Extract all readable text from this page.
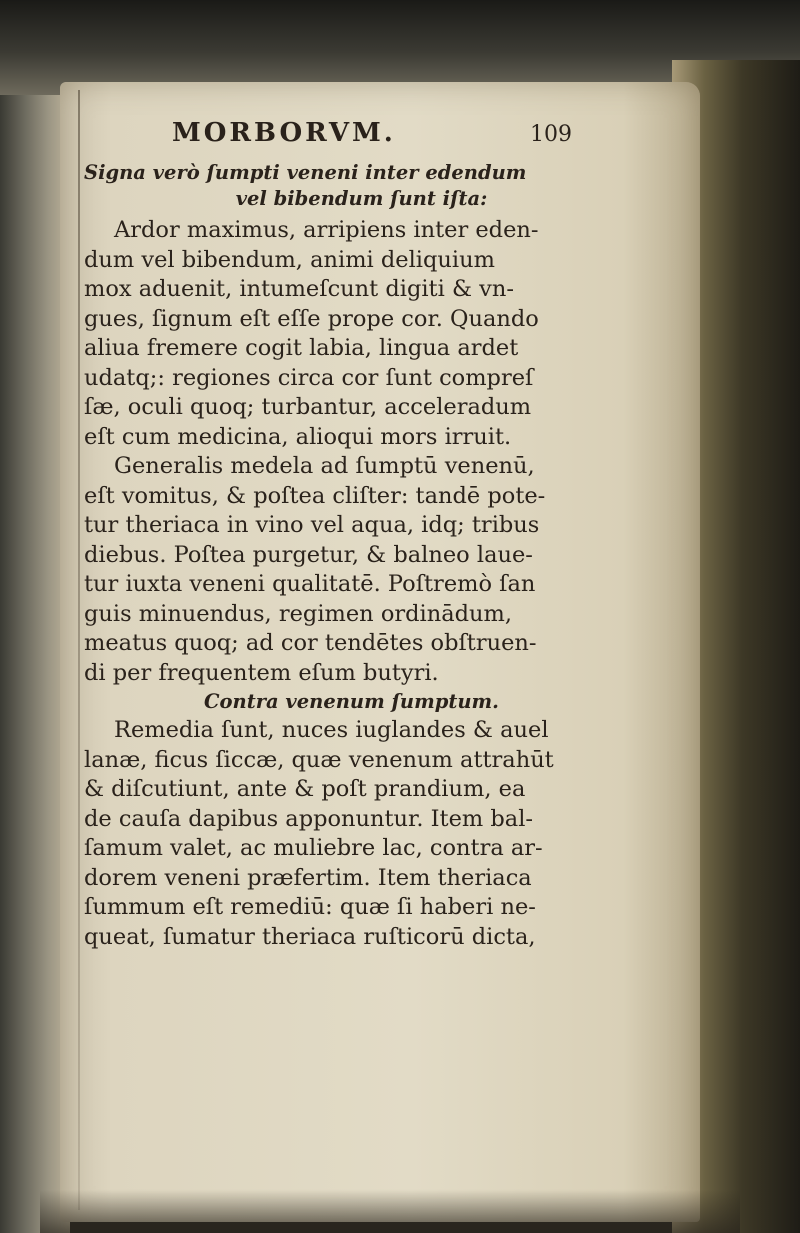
MORBORVM.	109
Signa verò ſumpti veneni inter edendum
vel bibendum ſunt iſta:
Ardor maximus, arripiens inter eden-
dum vel bibendum, animi deliquium
mox aduenit, intumeſcunt digiti & vn-
gues, ſignum eſt eſſe prope cor. Quando
aliua fremere cogit labia, lingua ardet
udatq;: regiones circa cor ſunt compreſ
ſæ, oculi quoq; turbantur, acceleradum
eſt cum medicina, alioqui mors irruit.
Generalis medela ad ſumptū venenū,
eſt vomitus, & poſtea cliſter: tandē pote-
tur theriaca in vino vel aqua, idq; tribus
diebus. Poſtea purgetur, & balneo laue-
tur iuxta veneni qualitatē. Poſtremò ſan
guis minuendus, regimen ordinādum,
meatus quoq; ad cor tendētes obſtruen-
di per frequentem eſum butyri.
Contra venenum ſumptum.
Remedia ſunt, nuces iuglandes & auel
lanæ, ficus ſiccæ, quæ venenum attrahūt
& diſcutiunt, ante & poſt prandium, ea
de cauſa dapibus apponuntur. Item bal-
ſamum valet, ac muliebre lac, contra ar-
dorem veneni præfertim. Item theriaca
ſummum eſt remediū: quæ ſi haberi ne-
queat, ſumatur theriaca ruſticorū dicta,
